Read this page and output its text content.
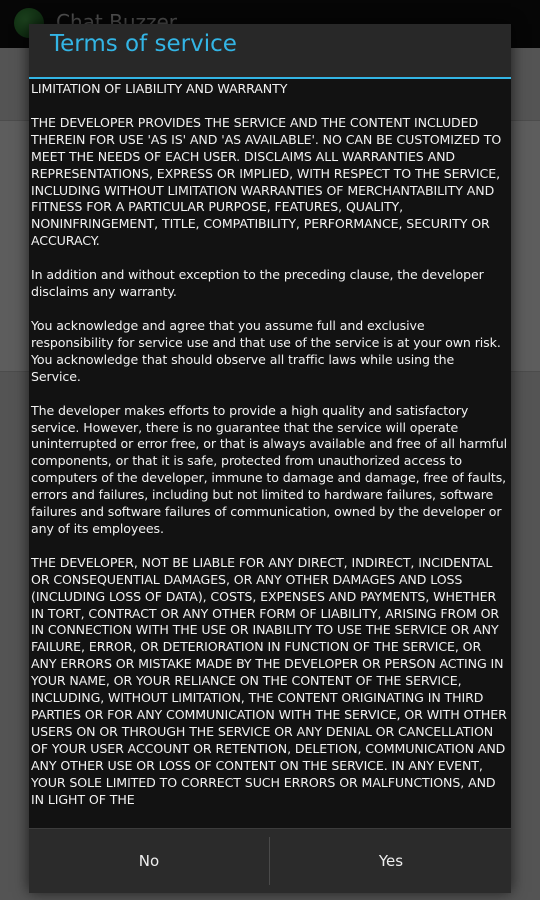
Terms of service

LIMITATION OF LIABILITY AND WARRANTY

THE DEVELOPER PROVIDES THE SERVICE AND THE CONTENT INCLUDED THEREIN FOR USE 'AS IS' AND 'AS AVAILABLE'. NO CAN BE CUSTOMIZED TO MEET THE NEEDS OF EACH USER. DISCLAIMS ALL WARRANTIES AND REPRESENTATIONS, EXPRESS OR IMPLIED, WITH RESPECT TO THE SERVICE, INCLUDING WITHOUT LIMITATION WARRANTIES OF MERCHANTABILITY AND FITNESS FOR A PARTICULAR PURPOSE, FEATURES, QUALITY, NONINFRINGEMENT, TITLE, COMPATIBILITY, PERFORMANCE, SECURITY OR ACCURACY.

In addition and without exception to the preceding clause, the developer disclaims any warranty.

You acknowledge and agree that you assume full and exclusive responsibility for service use and that use of the service is at your own risk. You acknowledge that should observe all traffic laws while using the Service.

The developer makes efforts to provide a high quality and satisfactory service. However, there is no guarantee that the service will operate uninterrupted or error free, or that is always available and free of all harmful components, or that it is safe, protected from unauthorized access to computers of the developer, immune to damage and damage, free of faults, errors and failures, including but not limited to hardware failures, software failures and software failures of communication, owned by the developer or any of its employees.

THE DEVELOPER, NOT BE LIABLE FOR ANY DIRECT, INDIRECT, INCIDENTAL OR CONSEQUENTIAL DAMAGES, OR ANY OTHER DAMAGES AND LOSS (INCLUDING LOSS OF DATA), COSTS, EXPENSES AND PAYMENTS, WHETHER IN TORT, CONTRACT OR ANY OTHER FORM OF LIABILITY, ARISING FROM OR IN CONNECTION WITH THE USE OR INABILITY TO USE THE SERVICE OR ANY FAILURE, ERROR, OR DETERIORATION IN FUNCTION OF THE SERVICE, OR ANY ERRORS OR MISTAKE MADE BY THE DEVELOPER OR PERSON ACTING IN YOUR NAME, OR YOUR RELIANCE ON THE CONTENT OF THE SERVICE, INCLUDING, WITHOUT LIMITATION, THE CONTENT ORIGINATING IN THIRD PARTIES OR FOR ANY COMMUNICATION WITH THE SERVICE, OR WITH OTHER USERS ON OR THROUGH THE SERVICE OR ANY DENIAL OR CANCELLATION OF YOUR USER ACCOUNT OR RETENTION, DELETION, COMMUNICATION AND ANY OTHER USE OR LOSS OF CONTENT ON THE SERVICE. IN ANY EVENT, YOUR SOLE LIMITED TO CORRECT SUCH ERRORS OR MALFUNCTIONS, AND IN LIGHT OF THE

No	Yes
